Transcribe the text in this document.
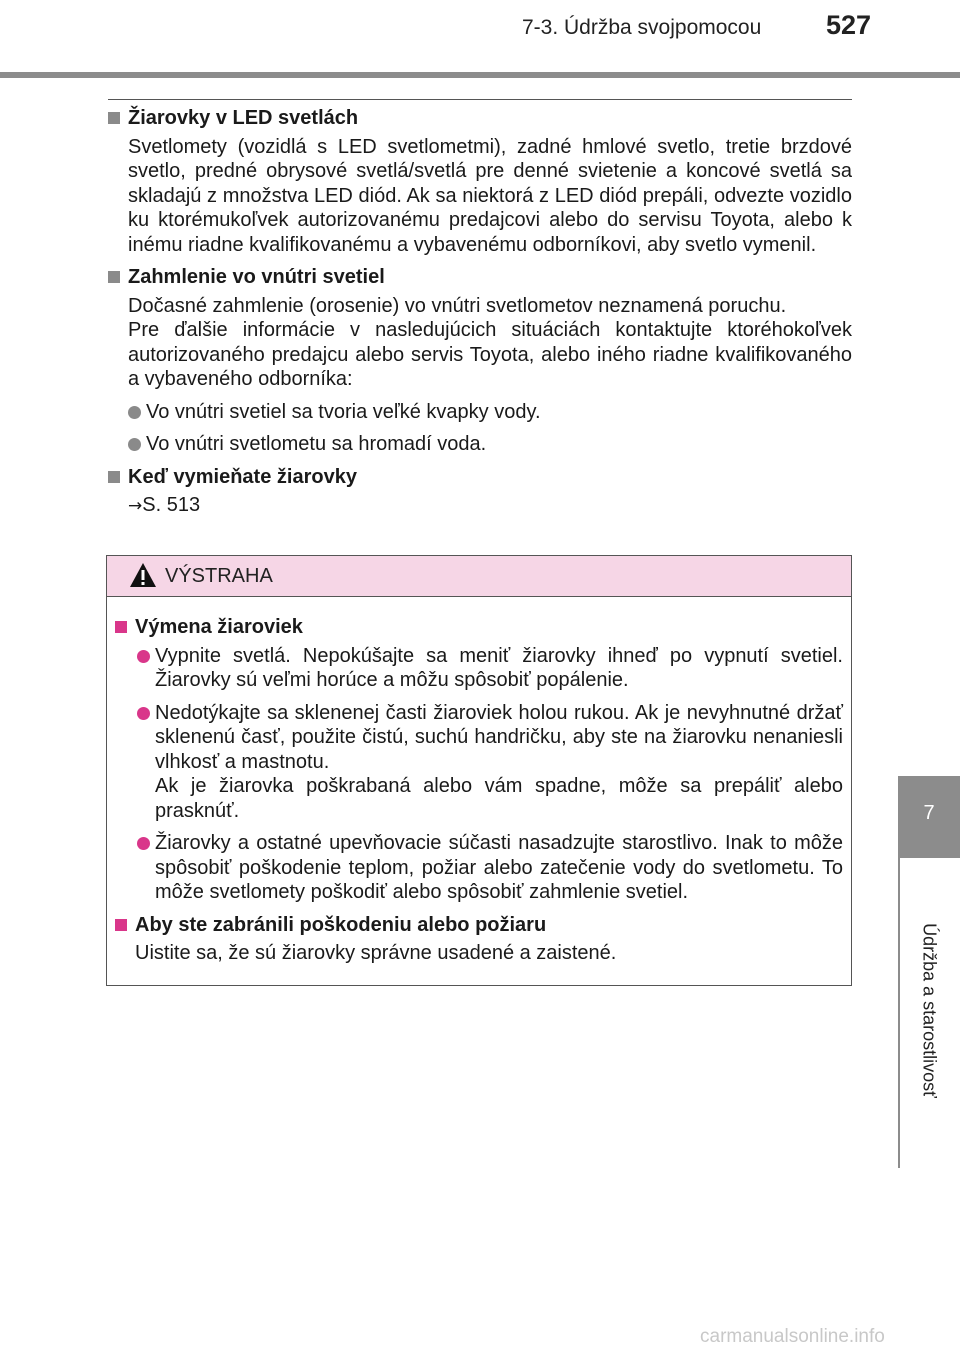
7-3. Údržba svojpomocou 527
Žiarovky v LED svetlách
Svetlomety (vozidlá s LED svetlometmi), zadné hmlové svetlo, tretie brzdové svetlo, predné obrysové svetlá/svetlá pre denné svietenie a koncové svetlá sa skladajú z množstva LED diód. Ak sa niektorá z LED diód prepáli, odvezte vozidlo ku ktorémukoľvek autorizovanému predajcovi alebo do servisu Toyota, alebo k inému riadne kvalifikovanému a vybavenému odborníkovi, aby svetlo vymenil.
Zahmlenie vo vnútri svetiel
Dočasné zahmlenie (orosenie) vo vnútri svetlometov neznamená poruchu.
Pre ďalšie informácie v nasledujúcich situáciách kontaktujte ktoréhokoľvek autorizovaného predajcu alebo servis Toyota, alebo iného riadne kvalifikovaného a vybaveného odborníka:
Vo vnútri svetiel sa tvoria veľké kvapky vody.
Vo vnútri svetlometu sa hromadí voda.
Keď vymieňate žiarovky
→S. 513
VÝSTRAHA
Výmena žiaroviek
Vypnite svetlá. Nepokúšajte sa meniť žiarovky ihneď po vypnutí svetiel. Žiarovky sú veľmi horúce a môžu spôsobiť popálenie.
Nedotýkajte sa sklenenej časti žiaroviek holou rukou. Ak je nevyhnutné držať sklenenú časť, použite čistú, suchú handričku, aby ste na žiarovku nenaniesli vlhkosť a mastnotu.
Ak je žiarovka poškrabaná alebo vám spadne, môže sa prepáliť alebo prasknúť.
Žiarovky a ostatné upevňovacie súčasti nasadzujte starostlivo. Inak to môže spôsobiť poškodenie teplom, požiar alebo zatečenie vody do svetlometu. To môže svetlomety poškodiť alebo spôsobiť zahmlenie svetiel.
Aby ste zabránili poškodeniu alebo požiaru
Uistite sa, že sú žiarovky správne usadené a zaistené.
7
Údržba a starostlivosť
carmanualsonline.info
